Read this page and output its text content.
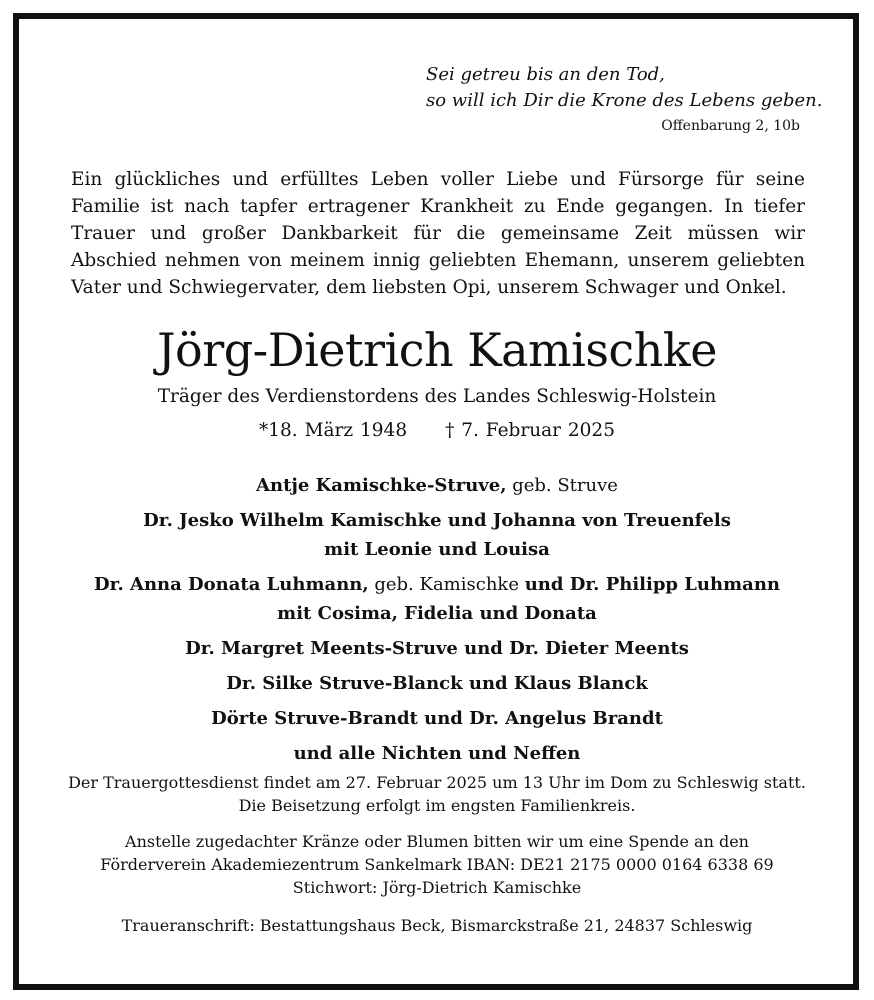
Sei getreu bis an den Tod,
so will ich Dir die Krone des Lebens geben.
Offenbarung 2, 10b
Ein glückliches und erfülltes Leben voller Liebe und Fürsorge für seine Familie ist nach tapfer ertragener Krankheit zu Ende gegangen. In tiefer Trauer und großer Dankbarkeit für die gemeinsame Zeit müssen wir Abschied nehmen von meinem innig geliebten Ehemann, unserem geliebten Vater und Schwiegervater, dem liebsten Opi, unserem Schwager und Onkel.
Jörg-Dietrich Kamischke
Träger des Verdienstordens des Landes Schleswig-Holstein
*18. März 1948 † 7. Februar 2025
Antje Kamischke-Struve, geb. Struve
Dr. Jesko Wilhelm Kamischke und Johanna von Treuenfels
mit Leonie und Louisa
Dr. Anna Donata Luhmann, geb. Kamischke und Dr. Philipp Luhmann
mit Cosima, Fidelia und Donata
Dr. Margret Meents-Struve und Dr. Dieter Meents
Dr. Silke Struve-Blanck und Klaus Blanck
Dörte Struve-Brandt und Dr. Angelus Brandt
und alle Nichten und Neffen
Der Trauergottesdienst findet am 27. Februar 2025 um 13 Uhr im Dom zu Schleswig statt.
Die Beisetzung erfolgt im engsten Familienkreis.
Anstelle zugedachter Kränze oder Blumen bitten wir um eine Spende an den
Förderverein Akademiezentrum Sankelmark IBAN: DE21 2175 0000 0164 6338 69
Stichwort: Jörg-Dietrich Kamischke
Traueranschrift: Bestattungshaus Beck, Bismarckstraße 21, 24837 Schleswig
